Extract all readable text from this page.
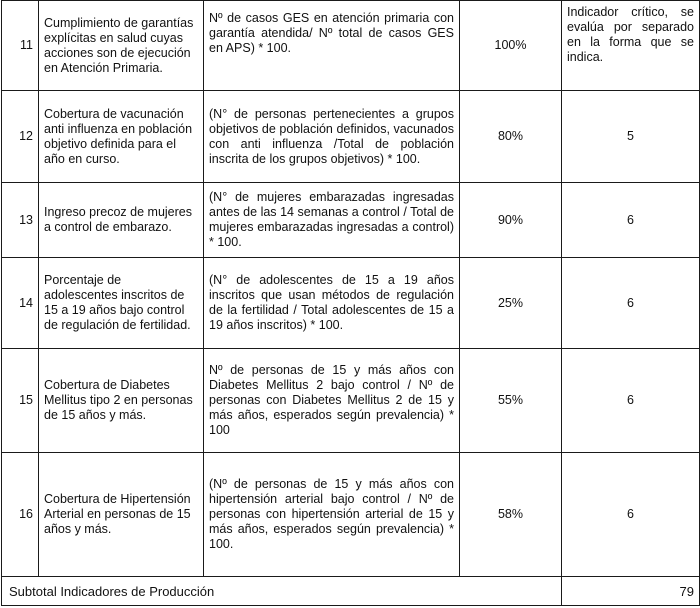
11	Cumplimiento de garantías explícitas en salud cuyas acciones son de ejecución en Atención Primaria.	Nº de casos GES en atención primaria con garantía atendida/ Nº total de casos GES en APS) * 100.	100%	Indicador crítico, se evalúa por separado en la forma que se indica.
12	Cobertura de vacunación anti influenza en población objetivo definida para el año en curso.	(N° de personas pertenecientes a grupos objetivos de población definidos, vacunados con anti influenza /Total de población inscrita de los grupos objetivos) * 100.	80%	5
13	Ingreso precoz de mujeres a control de embarazo.	(N° de mujeres embarazadas ingresadas antes de las 14 semanas a control / Total de mujeres embarazadas ingresadas a control) * 100.	90%	6
14	Porcentaje de adolescentes inscritos de 15 a 19 años bajo control de regulación de fertilidad.	(N° de adolescentes de 15 a 19 años inscritos que usan métodos de regulación de la fertilidad / Total adolescentes de 15 a 19 años inscritos) * 100.	25%	6
15	Cobertura de Diabetes Mellitus tipo 2 en personas de 15 años y más.	Nº de personas de 15 y más años con Diabetes Mellitus 2 bajo control / Nº de personas con Diabetes Mellitus 2 de 15 y más años, esperados según prevalencia) * 100	55%	6
16	Cobertura de Hipertensión Arterial en personas de 15 años y más.	(Nº de personas de 15 y más años con hipertensión arterial bajo control / Nº de personas con hipertensión arterial de 15 y más años, esperados según prevalencia) * 100.	58%	6
Subtotal Indicadores de Producción				79
